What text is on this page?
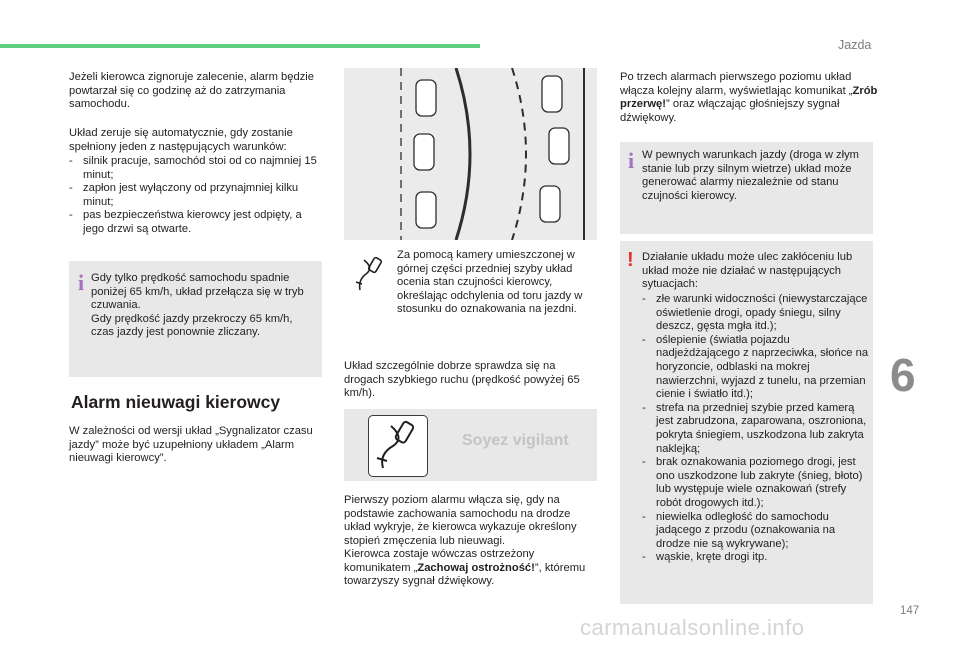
Jazda
6

Jeżeli kierowca zignoruje zalecenie, alarm będzie powtarzał się co godzinę aż do zatrzymania samochodu.

Układ zeruje się automatycznie, gdy zostanie spełniony jeden z następujących warunków:

- silnik pracuje, samochód stoi od co najmniej 15 minut;
- zapłon jest wyłączony od przynajmniej kilku minut;
- pas bezpieczeństwa kierowcy jest odpięty, a jego drzwi są otwarte.
i Gdy tylko prędkość samochodu spadnie poniżej 65 km/h, układ przełącza się w tryb czuwania.
Gdy prędkość jazdy przekroczy 65 km/h, czas jazdy jest ponownie zliczany.

Alarm nieuwagi kierowcy

W zależności od wersji układ „Sygnalizator czasu jazdy” może być uzupełniony układem „Alarm nieuwagi kierowcy”.

Za pomocą kamery umieszczonej w górnej części przedniej szyby układ ocenia stan czujności kierowcy, określając odchylenia od toru jazdy w stosunku do oznakowania na jezdni.

Układ szczególnie dobrze sprawdza się na drogach szybkiego ruchu (prędkość powyżej 65 km/h).

Soyez vigilant

Pierwszy poziom alarmu włącza się, gdy na podstawie zachowania samochodu na drodze układ wykryje, że kierowca wykazuje określony stopień zmęczenia lub nieuwagi.

Kierowca zostaje wówczas ostrzeżony komunikatem „Zachowaj ostrożność!”, któremu towarzyszy sygnał dźwiękowy.

Po trzech alarmach pierwszego poziomu układ włącza kolejny alarm, wyświetlając komunikat „Zrób przerwę!” oraz włączając głośniejszy sygnał dźwiękowy.

i W pewnych warunkach jazdy (droga w złym stanie lub przy silnym wietrze) układ może generować alarmy niezależnie od stanu czujności kierowcy.

! Działanie układu może ulec zakłóceniu lub układ może nie działać w następujących sytuacjach:

- złe warunki widoczności (niewystarczające oświetlenie drogi, opady śniegu, silny deszcz, gęsta mgła itd.);
- oślepienie (światła pojazdu nadjeżdżającego z naprzeciwka, słońce na horyzoncie, odblaski na mokrej nawierzchni, wyjazd z tunelu, na przemian cienie i światło itd.);
- strefa na przedniej szybie przed kamerą jest zabrudzona, zaparowana, oszroniona, pokryta śniegiem, uszkodzona lub zakryta naklejką;
- brak oznakowania poziomego drogi, jest ono uszkodzone lub zakryte (śnieg, błoto) lub występuje wiele oznakowań (strefy robót drogowych itd.);
- niewielka odległość do samochodu jadącego z przodu (oznakowania na drodze nie są wykrywane);
- wąskie, kręte drogi itp.
147
carmanualsonline.info
